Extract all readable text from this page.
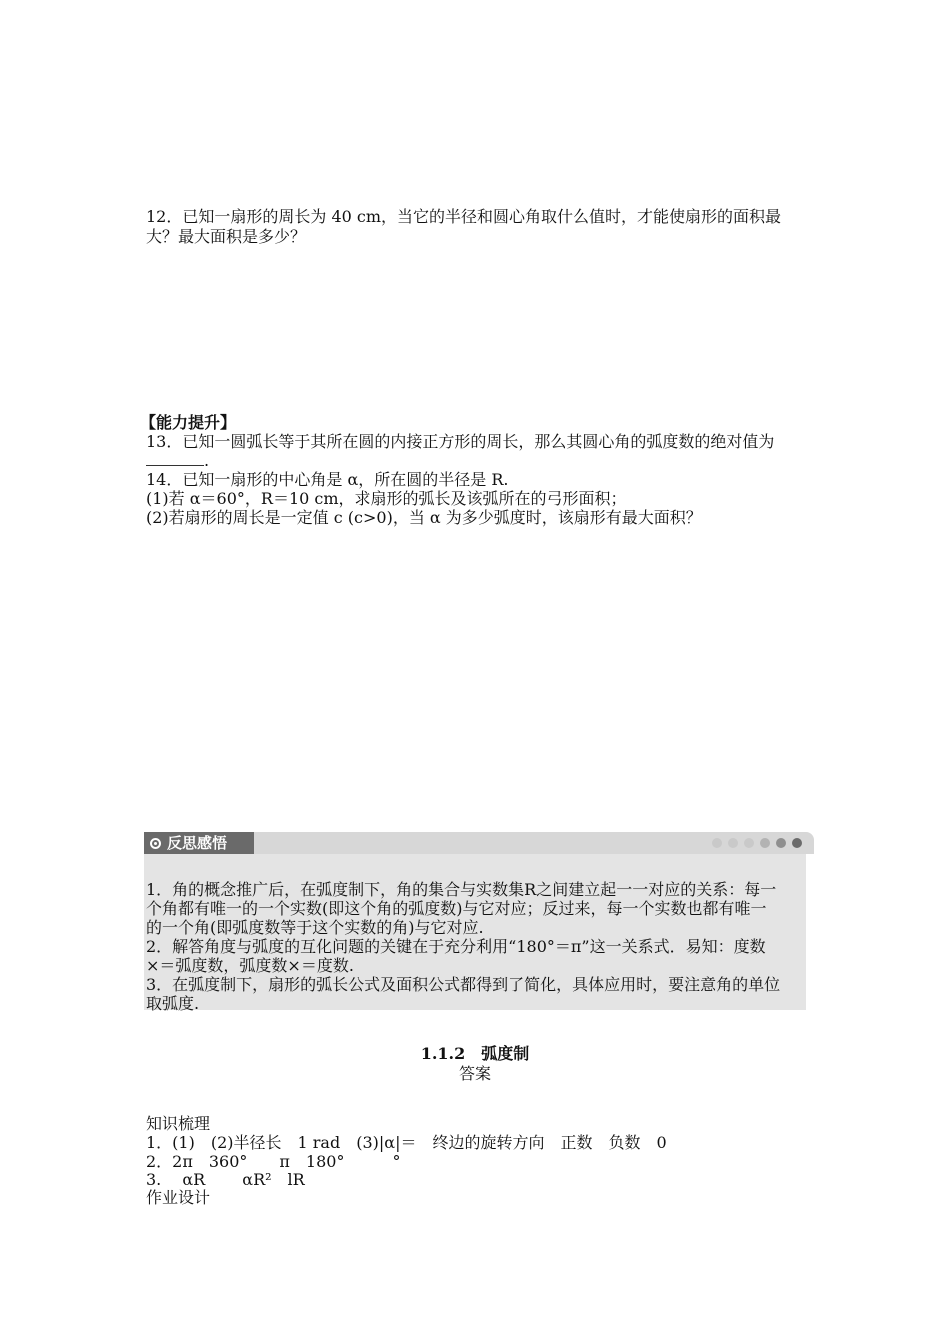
12．已知一扇形的周长为 40 cm，当它的半径和圆心角取什么值时，才能使扇形的面积最
大？最大面积是多少？
【能力提升】
13．已知一圆弧长等于其所在圆的内接正方形的周长，那么其圆心角的弧度数的绝对值为
.
14．已知一扇形的中心角是 α，所在圆的半径是 R.
(1)若 α＝60°，R＝10 cm，求扇形的弧长及该弧所在的弓形面积；
(2)若扇形的周长是一定值 c (c>0)，当 α 为多少弧度时，该扇形有最大面积？
反思感悟
1．角的概念推广后，在弧度制下，角的集合与实数集R之间建立起一一对应的关系：每一
个角都有唯一的一个实数(即这个角的弧度数)与它对应；反过来，每一个实数也都有唯一
的一个角(即弧度数等于这个实数的角)与它对应.
2．解答角度与弧度的互化问题的关键在于充分利用“180°＝π”这一关系式．易知：度数
×＝弧度数，弧度数×＝度数.
3．在弧度制下，扇形的弧长公式及面积公式都得到了简化，具体应用时，要注意角的单位
取弧度.
1.1.2　弧度制
答案
知识梳理
1．(1)　(2)半径长　1 rad　(3)|α|＝　终边的旋转方向　正数　负数　0
2．2π　360°　　π　180°　　　°
3.　 αR　　 αR²　lR
作业设计
